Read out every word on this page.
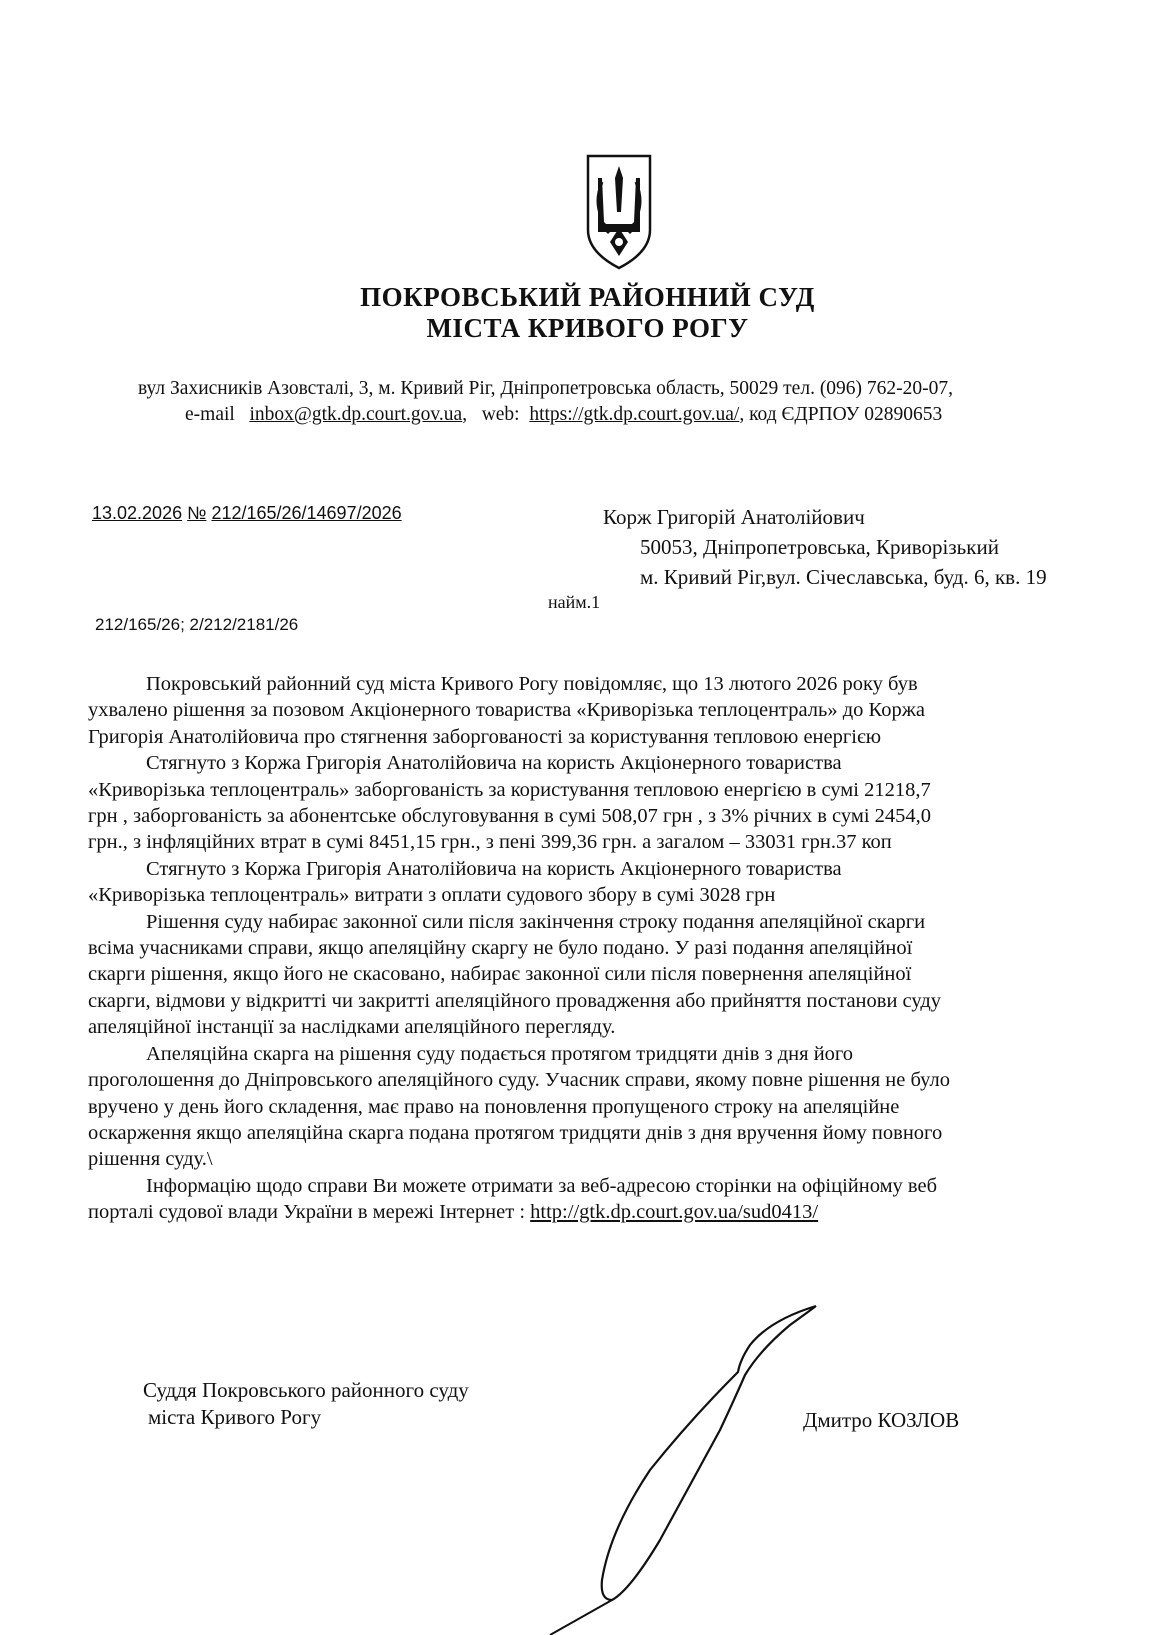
ПОКРОВСЬКИЙ РАЙОННИЙ СУД
МІСТА КРИВОГО РОГУ
вул Захисників Азовсталі, 3, м. Кривий Ріг, Дніпропетровська область, 50029 тел. (096) 762-20-07,
e-mail inbox@gtk.dp.court.gov.ua,   web: https://gtk.dp.court.gov.ua/, код ЄДРПОУ 02890653
13.02.2026 № 212/165/26/14697/2026
212/165/26; 2/212/2181/26
Корж Григорій Анатолійович
50053, Дніпропетровська, Криворізький
м. Кривий Ріг,вул. Січеславська, буд. 6, кв. 19
найм.1
Покровський районний суд міста Кривого Рогу повідомляє, що 13 лютого 2026 року був
ухвалено рішення за позовом Акціонерного товариства «Криворізька теплоцентраль» до Коржа
Григорія Анатолійовича про стягнення заборгованості за користування тепловою енергією
Стягнуто з Коржа Григорія Анатолійовича на користь Акціонерного товариства
«Криворізька теплоцентраль» заборгованість за користування тепловою енергією в сумі 21218,7
грн , заборгованість за абонентське обслуговування в сумі 508,07 грн , з 3% річних в сумі 2454,0
грн., з інфляційних втрат в сумі 8451,15 грн., з пені 399,36 грн. а загалом – 33031 грн.37 коп
Стягнуто з Коржа Григорія Анатолійовича на користь Акціонерного товариства
«Криворізька теплоцентраль» витрати з оплати судового збору в сумі 3028 грн
Рішення суду набирає законної сили після закінчення строку подання апеляційної скарги
всіма учасниками справи, якщо апеляційну скаргу не було подано. У разі подання апеляційної
скарги рішення, якщо його не скасовано, набирає законної сили після повернення апеляційної
скарги, відмови у відкритті чи закритті апеляційного провадження або прийняття постанови суду
апеляційної інстанції за наслідками апеляційного перегляду.
Апеляційна скарга на рішення суду подається протягом тридцяти днів з дня його
проголошення до Дніпровського апеляційного суду. Учасник справи, якому повне рішення не було
вручено у день його складення, має право на поновлення пропущеного строку на апеляційне
оскарження якщо апеляційна скарга подана протягом тридцяти днів з дня вручення йому повного
рішення суду.\
Інформацію щодо справи Ви можете отримати за веб-адресою сторінки на офіційному веб
порталі судової влади України в мережі Інтернет : http://gtk.dp.court.gov.ua/sud0413/
Суддя Покровського районного суду
міста Кривого Рогу	Дмитро КОЗЛОВ
